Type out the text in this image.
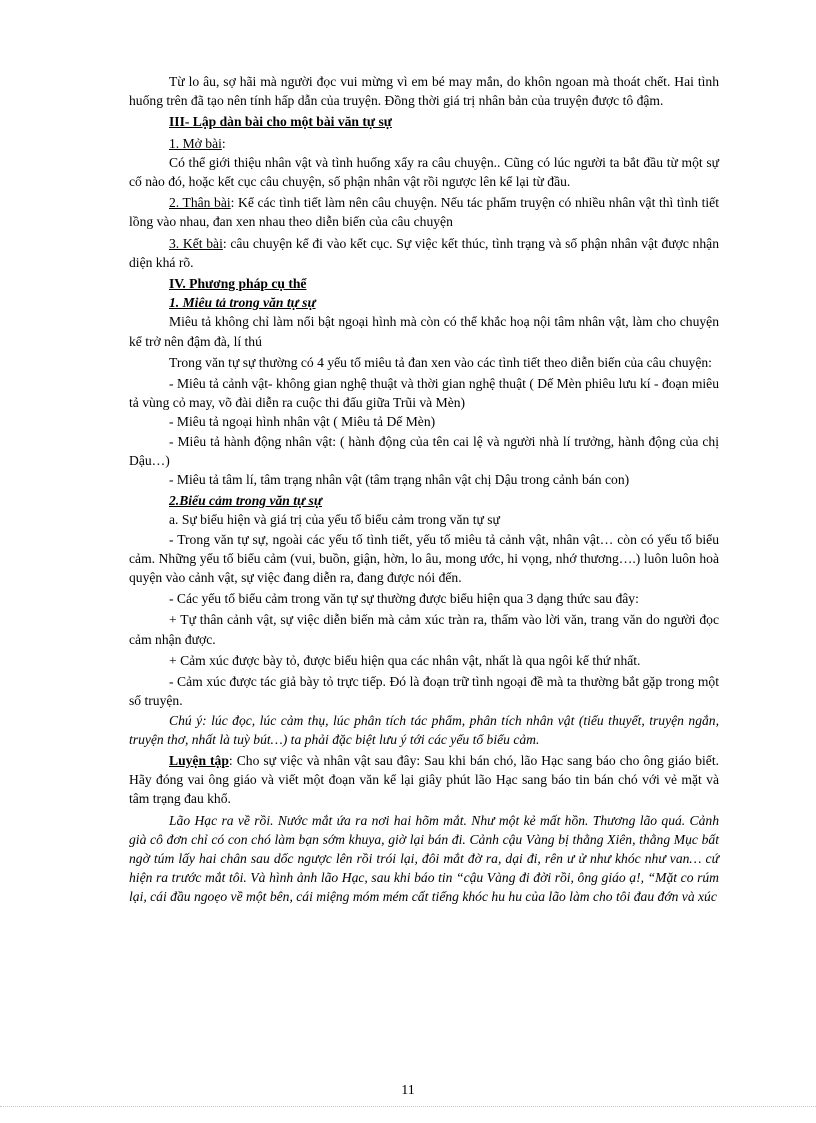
Từ lo âu, sợ hãi mà người đọc vui mừng vì em bé may mắn, do khôn ngoan mà thoát chết. Hai tình huống trên đã tạo nên tính hấp dẫn của truyện. Đồng thời giá trị nhân bản của truyện được tô đậm.

III- Lập dàn bài cho một bài văn tự sự

1. Mở bài:

Có thể giới thiệu nhân vật và tình huống xẩy ra câu chuyện.. Cũng có lúc người ta bắt đầu từ một sự cố nào đó, hoặc kết cục câu chuyện, số phận nhân vật rồi ngược lên kể lại từ đầu.

2. Thân bài: Kể các tình tiết làm nên câu chuyện. Nếu tác phẩm truyện có nhiều nhân vật thì tình tiết lồng vào nhau, đan xen nhau theo diễn biến của câu chuyện

3. Kết bài: câu chuyện kể đi vào kết cục. Sự việc kết thúc, tình trạng và số phận nhân vật được nhận diện khá rõ.

IV. Phương pháp cụ thể

1. Miêu tả trong văn tự sự

Miêu tả không chỉ làm nổi bật ngoại hình mà còn có thể khắc hoạ nội tâm nhân vật, làm cho chuyện kể trở nên đậm đà, lí thú

Trong văn tự sự thường có 4 yếu tố miêu tả đan xen vào các tình tiết theo diễn biến của câu chuyện:

- Miêu tả cảnh vật- không gian nghệ thuật và thời gian nghệ thuật ( Dế Mèn phiêu lưu kí - đoạn miêu tả vùng cỏ may, võ đài diễn ra cuộc thi đấu giữa Trũi và Mèn)

- Miêu tả ngoại hình nhân vật ( Miêu tả Dế Mèn)

- Miêu tả hành động nhân vật: ( hành động của tên cai lệ và người nhà lí trưởng, hành động của chị Dậu…)

- Miêu tả tâm lí, tâm trạng nhân vật (tâm trạng nhân vật chị Dậu trong cảnh bán con)

2.Biểu cảm trong văn tự sự

a. Sự biểu hiện và giá trị của yếu tố biểu cảm trong văn tự sự

- Trong văn tự sự, ngoài các yếu tố tình tiết, yếu tố miêu tả cảnh vật, nhân vật… còn có yếu tố biểu cảm. Những yếu tố biểu cảm (vui, buồn, giận, hờn, lo âu, mong ước, hi vọng, nhớ thương….) luôn luôn hoà quyện vào cảnh vật, sự việc đang diễn ra, đang được nói đến.

- Các yếu tố biểu cảm trong văn tự sự thường được biểu hiện qua 3 dạng thức sau đây:

+ Tự thân cảnh vật, sự việc diễn biến mà cảm xúc tràn ra, thấm vào lời văn, trang văn do người đọc cảm nhận được.

+ Cảm xúc được bày tỏ, được biểu hiện qua các nhân vật, nhất là qua ngôi kể thứ nhất.

- Cảm xúc được tác giả bày tỏ trực tiếp. Đó là đoạn trữ tình ngoại đề mà ta thường bắt gặp trong một số truyện.

Chú ý: lúc đọc, lúc cảm thụ, lúc phân tích tác phẩm, phân tích nhân vật (tiểu thuyết, truyện ngắn, truyện thơ, nhất là tuỳ bút…) ta phải đặc biệt lưu ý tới các yếu tố biểu cảm.

Luyện tập: Cho sự việc và nhân vật sau đây: Sau khi bán chó, lão Hạc sang báo cho ông giáo biết. Hãy đóng vai ông giáo và viết một đoạn văn kể lại giây phút lão Hạc sang báo tin bán chó với vẻ mặt và tâm trạng đau khổ.

Lão Hạc ra về rồi. Nước mắt ứa ra nơi hai hõm mắt. Như một kẻ mất hồn. Thương lão quá. Cảnh già cô đơn chỉ có con chó làm bạn sớm khuya, giờ lại bán đi. Cảnh cậu Vàng bị thằng Xiên, thằng Mục bất ngờ túm lấy hai chân sau dốc ngược lên rồi trói lại, đôi mắt đờ ra, dại đi, rên ư ử như khóc như van… cứ hiện ra trước mắt tôi. Và hình ảnh lão Hạc, sau khi báo tin “cậu Vàng đi đời rồi, ông giáo ạ!, “Mặt co rúm lại, cái đầu ngoẹo về một bên, cái miệng móm mém cất tiếng khóc hu hu của lão làm cho tôi đau đớn và xúc

11
